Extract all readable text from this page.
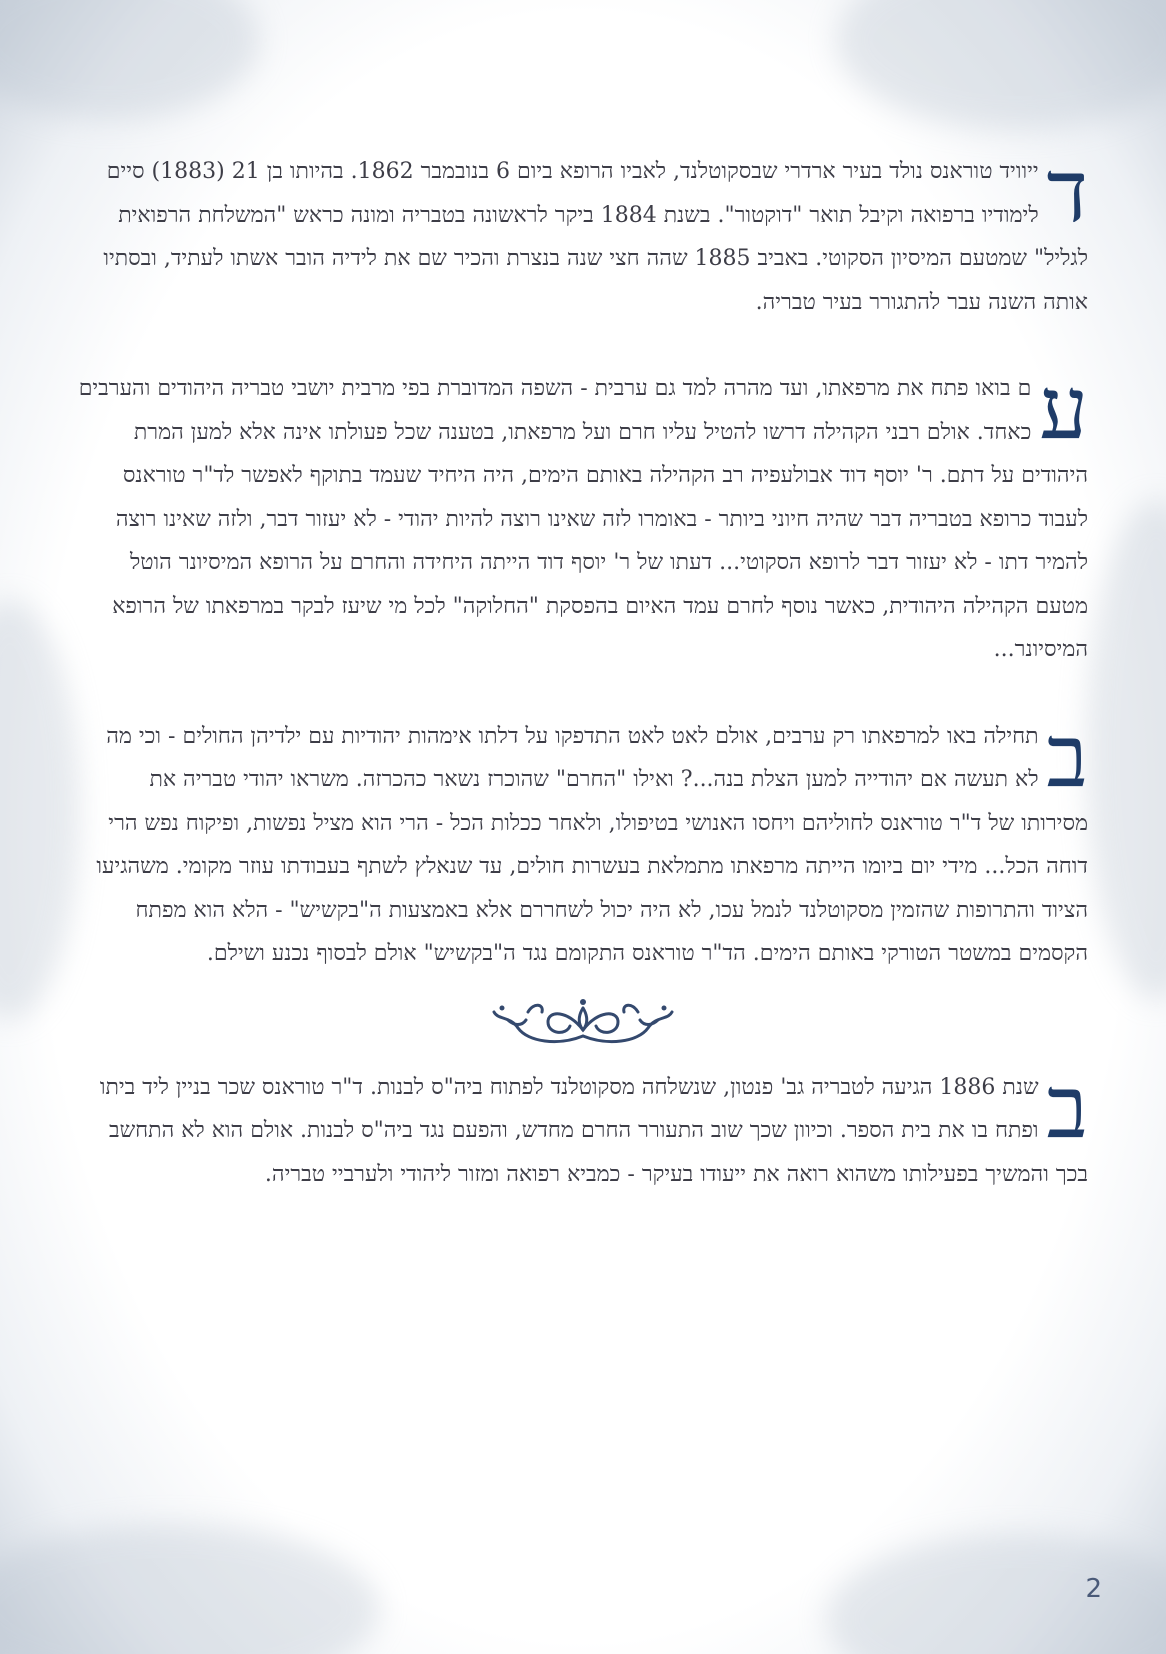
ד
ייוויד טוראנס נולד בעיר ארדרי שבסקוטלנד, לאביו הרופא ביום 6 בנובמבר 1862. בהיותו בן 21 (1883) סיים לימודיו ברפואה וקיבל תואר "דוקטור". בשנת 1884 ביקר לראשונה בטבריה ומונה כראש "המשלחת הרפואית לגליל" שמטעם המיסיון הסקוטי. באביב 1885 שהה חצי שנה בנצרת והכיר שם את לידיה הובר אשתו לעתיד, ובסתיו אותה השנה עבר להתגורר בעיר טבריה.

ע
ם בואו פתח את מרפאתו, ועד מהרה למד גם ערבית - השפה המדוברת בפי מרבית יושבי טבריה היהודים והערבים כאחד. אולם רבני הקהילה דרשו להטיל עליו חרם ועל מרפאתו, בטענה שכל פעולתו אינה אלא למען המרת היהודים על דתם. ר' יוסף דוד אבולעפיה רב הקהילה באותם הימים, היה היחיד שעמד בתוקף לאפשר לד"ר טוראנס לעבוד כרופא בטבריה דבר שהיה חיוני ביותר - באומרו לזה שאינו רוצה להיות יהודי - לא יעזור דבר, ולזה שאינו רוצה להמיר דתו - לא יעזור דבר לרופא הסקוטי... דעתו של ר' יוסף דוד הייתה היחידה והחרם על הרופא המיסיונר הוטל מטעם הקהילה היהודית, כאשר נוסף לחרם עמד האיום בהפסקת "החלוקה" לכל מי שיעז לבקר במרפאתו של הרופא המיסיונר...

ב
תחילה באו למרפאתו רק ערבים, אולם לאט לאט התדפקו על דלתו אימהות יהודיות עם ילדיהן החולים - וכי מה לא תעשה אם יהודייה למען הצלת בנה...? ואילו "החרם" שהוכרז נשאר כהכרזה. משראו יהודי טבריה את מסירותו של ד"ר טוראנס לחוליהם ויחסו האנושי בטיפולו, ולאחר ככלות הכל - הרי הוא מציל נפשות, ופיקוח נפש הרי דוחה הכל... מידי יום ביומו הייתה מרפאתו מתמלאת בעשרות חולים, עד שנאלץ לשתף בעבודתו עוזר מקומי. משהגיעו הציוד והתרופות שהזמין מסקוטלנד לנמל עכו, לא היה יכול לשחררם אלא באמצעות ה"בקשיש" - הלא הוא מפתח הקסמים במשטר הטורקי באותם הימים. הד"ר טוראנס התקומם נגד ה"בקשיש" אולם לבסוף נכנע ושילם.

ב
שנת 1886 הגיעה לטבריה גב' פנטון, שנשלחה מסקוטלנד לפתוח ביה"ס לבנות. ד"ר טוראנס שכר בניין ליד ביתו ופתח בו את בית הספר. וכיוון שכך שוב התעורר החרם מחדש, והפעם נגד ביה"ס לבנות. אולם הוא לא התחשב בכך והמשיך בפעילותו משהוא רואה את ייעודו בעיקר - כמביא רפואה ומזור ליהודי ולערביי טבריה.

2
